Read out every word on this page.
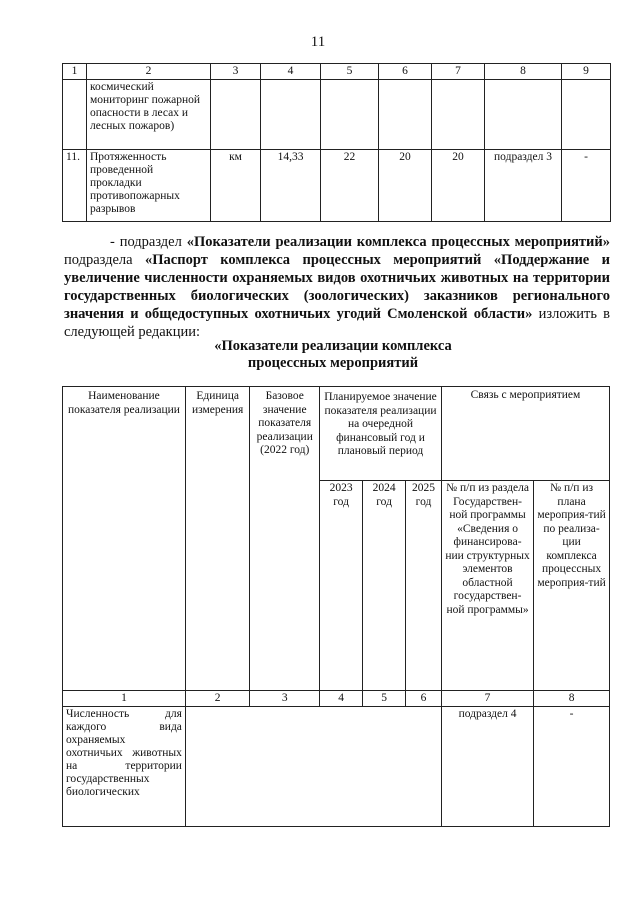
11
1	2	3	4	5	6	7	8	9
	космический мониторинг пожарной опасности в лесах и лесных пожаров)							
11.	Протяженность проведенной прокладки противопожарных разрывов	км	14,33	22	20	20	подраздел 3	-
- подраздел «Показатели реализации комплекса процессных мероприятий» подраздела «Паспорт комплекса процессных мероприятий «Поддержание и увеличение численности охраняемых видов охотничьих животных на территории государственных биологических (зоологических) заказников регионального значения и общедоступных охотничьих угодий Смоленской области» изложить в следующей редакции:
«Показатели реализации комплекса
процессных мероприятий
Наименование показателя реализации	Единица измерения	Базовое значение показателя реализации (2022 год)	Планируемое значение показателя реализации на очередной финансовый год и плановый период			Связь с мероприятием	
			2023 год	2024 год	2025 год	№ п/п из раздела Государствен-ной программы «Сведения о финансирова-нии структурных элементов областной государствен-ной программы»	№ п/п из плана мероприя-тий по реализа-ции комплекса процессных мероприя-тий
1	2	3	4	5	6	7	8
Численность для каждого вида охраняемых охотничьих животных на территории государственных биологических						подраздел 4	-
